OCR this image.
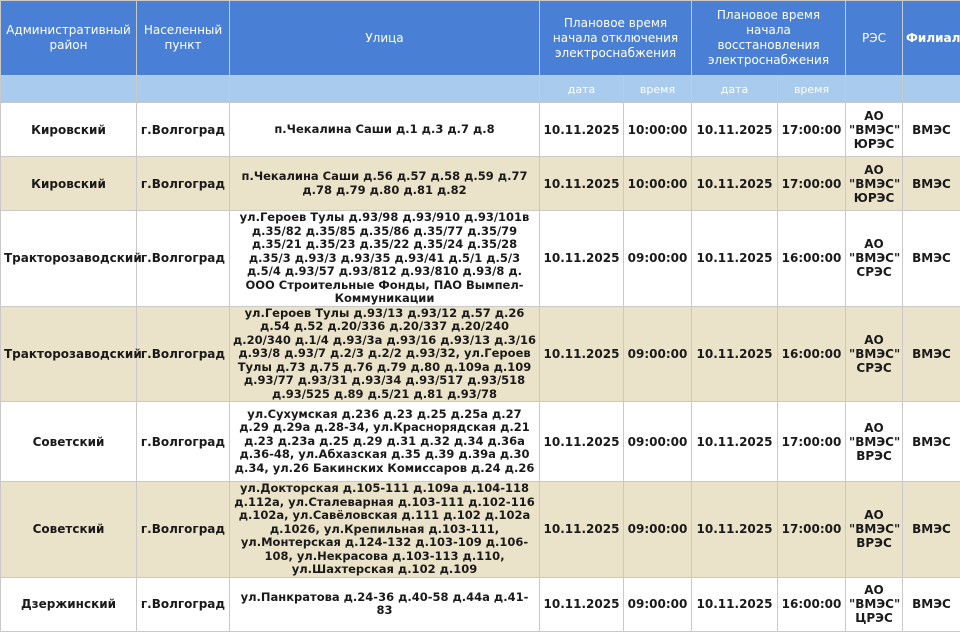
Административный район	Населенный пункт	Улица	Плановое время начала отключения электроснабжения		Плановое время начала восстановления электроснабжения		РЭС	Филиал
			дата	время	дата	время		
Кировский	г.Волгоград	п.Чекалина Саши д.1 д.3 д.7 д.8	10.11.2025	10:00:00	10.11.2025	17:00:00	АО "ВМЭС" ЮРЭС	ВМЭС
Кировский	г.Волгоград	п.Чекалина Саши д.56 д.57 д.58 д.59 д.77 д.78 д.79 д.80 д.81 д.82	10.11.2025	10:00:00	10.11.2025	17:00:00	АО "ВМЭС" ЮРЭС	ВМЭС
Тракторозаводский	г.Волгоград	ул.Героев Тулы д.93/98 д.93/910 д.93/101в д.35/82 д.35/85 д.35/86 д.35/77 д.35/79 д.35/21 д.35/23 д.35/22 д.35/24 д.35/28 д.35/3 д.93/3 д.93/35 д.93/41 д.5/1 д.5/3 д.5/4 д.93/57 д.93/812 д.93/810 д.93/8 д. ООО Строительные Фонды, ПАО Вымпел-Коммуникации	10.11.2025	09:00:00	10.11.2025	16:00:00	АО "ВМЭС" СРЭС	ВМЭС
Тракторозаводский	г.Волгоград	ул.Героев Тулы д.93/13 д.93/12 д.57 д.26 д.54 д.52 д.20/336 д.20/337 д.20/240 д.20/340 д.1/4 д.93/3а д.93/16 д.93/13 д.3/16 д.93/8 д.93/7 д.2/3 д.2/2 д.93/32, ул.Героев Тулы д.73 д.75 д.76 д.79 д.80 д.109а д.109 д.93/77 д.93/31 д.93/34 д.93/517 д.93/518 д.93/525 д.89 д.5/21 д.81 д.93/78	10.11.2025	09:00:00	10.11.2025	16:00:00	АО "ВМЭС" СРЭС	ВМЭС
Советский	г.Волгоград	ул.Сухумская д.236 д.23 д.25 д.25а д.27 д.29 д.29а д.28-34, ул.Краснорядская д.21 д.23 д.23а д.25 д.29 д.31 д.32 д.34 д.36а д.36-48, ул.Абхазская д.35 д.39 д.39а д.30 д.34, ул.26 Бакинских Комиссаров д.24 д.26	10.11.2025	09:00:00	10.11.2025	17:00:00	АО "ВМЭС" ВРЭС	ВМЭС
Советский	г.Волгоград	ул.Докторская д.105-111 д.109а д.104-118 д.112а, ул.Сталеварная д.103-111 д.102-116 д.102а, ул.Савёловская д.111 д.102 д.102а д.1026, ул.Крепильная д.103-111, ул.Монтерская д.124-132 д.103-109 д.106-108, ул.Некрасова д.103-113 д.110, ул.Шахтерская д.102 д.109	10.11.2025	09:00:00	10.11.2025	17:00:00	АО "ВМЭС" ВРЭС	ВМЭС
Дзержинский	г.Волгоград	ул.Панкратова д.24-36 д.40-58 д.44а д.41-83	10.11.2025	09:00:00	10.11.2025	16:00:00	АО "ВМЭС" ЦРЭС	ВМЭС
